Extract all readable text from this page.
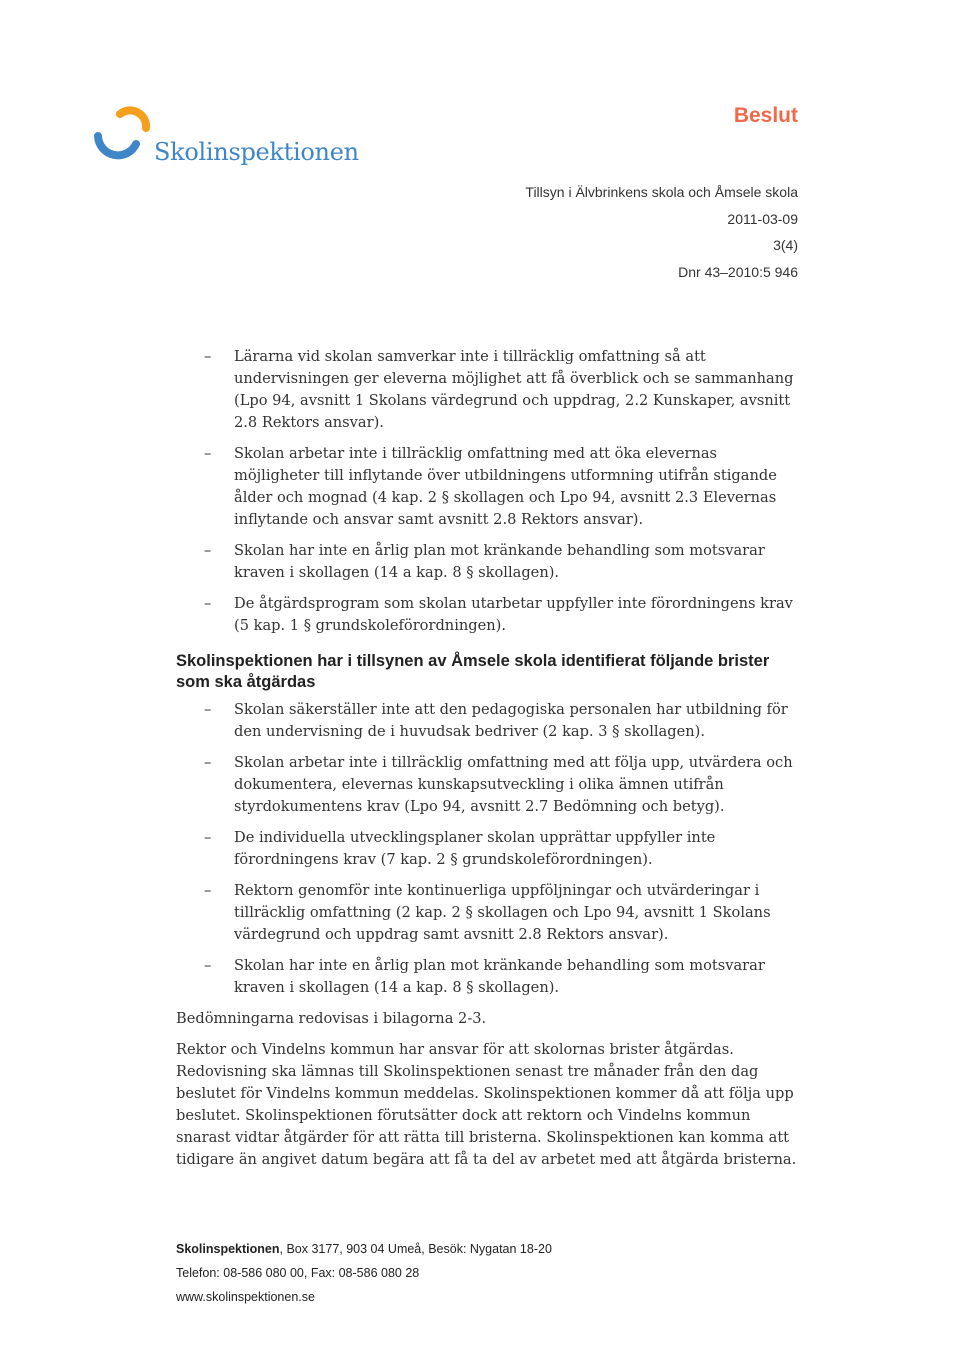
Skolinspektionen
Beslut
Tillsyn i Älvbrinkens skola och Åmsele skola
2011-03-09
3(4)
Dnr 43–2010:5 946
– Lärarna vid skolan samverkar inte i tillräcklig omfattning så att undervisningen ger eleverna möjlighet att få överblick och se sammanhang (Lpo 94, avsnitt 1 Skolans värdegrund och uppdrag, 2.2 Kunskaper, avsnitt 2.8 Rektors ansvar).
– Skolan arbetar inte i tillräcklig omfattning med att öka elevernas möjligheter till inflytande över utbildningens utformning utifrån stigande ålder och mognad (4 kap. 2 § skollagen och Lpo 94, avsnitt 2.3 Elevernas inflytande och ansvar samt avsnitt 2.8 Rektors ansvar).
– Skolan har inte en årlig plan mot kränkande behandling som motsvarar kraven i skollagen (14 a kap. 8 § skollagen).
– De åtgärdsprogram som skolan utarbetar uppfyller inte förordningens krav (5 kap. 1 § grundskoleförordningen).
Skolinspektionen har i tillsynen av Åmsele skola identifierat följande brister som ska åtgärdas
– Skolan säkerställer inte att den pedagogiska personalen har utbildning för den undervisning de i huvudsak bedriver (2 kap. 3 § skollagen).
– Skolan arbetar inte i tillräcklig omfattning med att följa upp, utvärdera och dokumentera, elevernas kunskapsutveckling i olika ämnen utifrån styrdokumentens krav (Lpo 94, avsnitt 2.7 Bedömning och betyg).
– De individuella utvecklingsplaner skolan upprättar uppfyller inte förordningens krav (7 kap. 2 § grundskoleförordningen).
– Rektorn genomför inte kontinuerliga uppföljningar och utvärderingar i tillräcklig omfattning (2 kap. 2 § skollagen och Lpo 94, avsnitt 1 Skolans värdegrund och uppdrag samt avsnitt 2.8 Rektors ansvar).
– Skolan har inte en årlig plan mot kränkande behandling som motsvarar kraven i skollagen (14 a kap. 8 § skollagen).

Bedömningarna redovisas i bilagorna 2-3.

Rektor och Vindelns kommun har ansvar för att skolornas brister åtgärdas. Redovisning ska lämnas till Skolinspektionen senast tre månader från den dag beslutet för Vindelns kommun meddelas. Skolinspektionen kommer då att följa upp beslutet. Skolinspektionen förutsätter dock att rektorn och Vindelns kommun snarast vidtar åtgärder för att rätta till bristerna. Skolinspektionen kan komma att tidigare än angivet datum begära att få ta del av arbetet med att åtgärda bristerna.

Skolinspektionen, Box 3177, 903 04 Umeå, Besök: Nygatan 18-20
Telefon: 08-586 080 00, Fax: 08-586 080 28
www.skolinspektionen.se
